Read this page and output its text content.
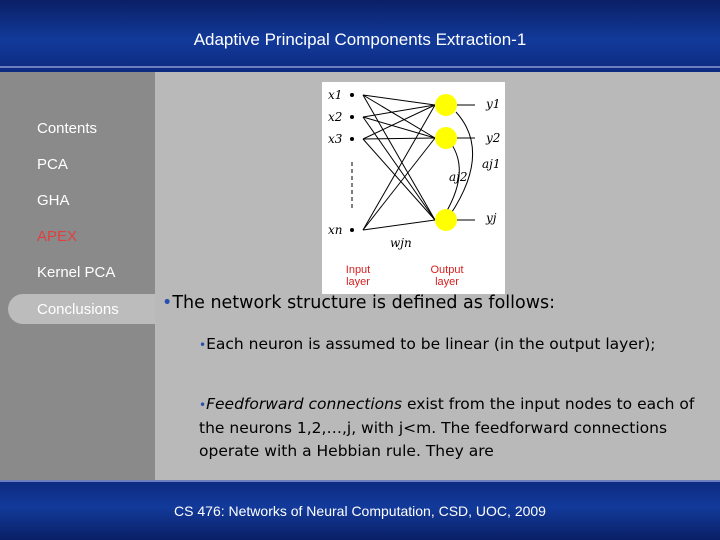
Adaptive Principal Components Extraction-1
Contents
PCA
GHA
APEX
Kernel PCA
Conclusions
x1
x2
x3
xn
y1
y2
yj
aj2
aj1
wjn
Input layer
Output layer
•The network structure is defined as follows:
•Each neuron is assumed to be linear (in the output layer);
•Feedforward connections exist from the input nodes to each of the neurons 1,2,…,j, with j<m. The feedforward connections operate with a Hebbian rule. They are
CS 476: Networks of Neural Computation, CSD, UOC, 2009
